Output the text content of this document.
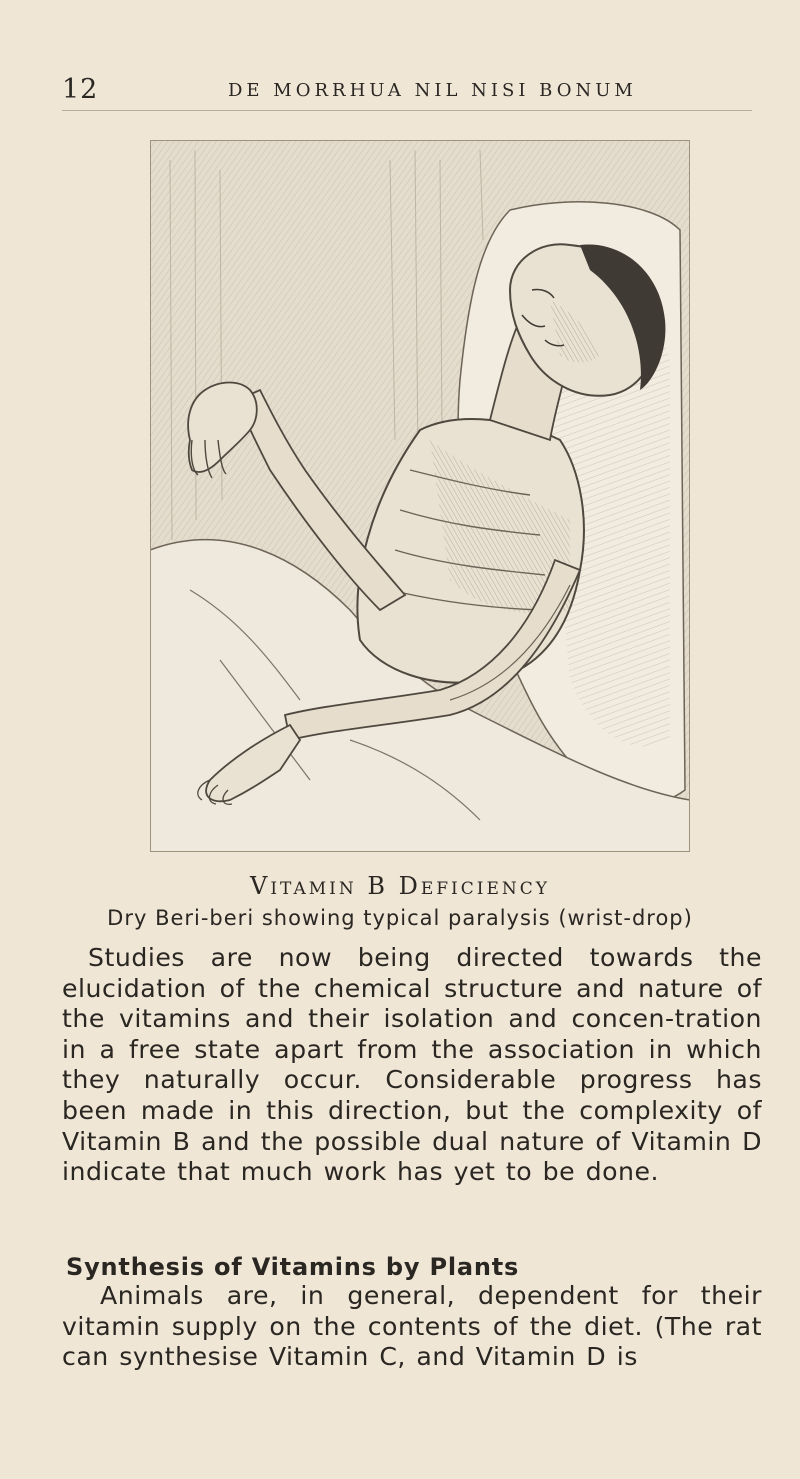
12	DE MORRHUA NIL NISI BONUM
Vitamin B Deficiency
Dry Beri-beri showing typical paralysis (wrist-drop)

Studies are now being directed towards the elucidation of the chemical structure and nature of the vitamins and their isolation and concen-tration in a free state apart from the association in which they naturally occur. Considerable progress has been made in this direction, but the complexity of Vitamin B and the possible dual nature of Vitamin D indicate that much work has yet to be done.

Synthesis of Vitamins by Plants

Animals are, in general, dependent for their vitamin supply on the contents of the diet. (The rat can synthesise Vitamin C, and Vitamin D is
